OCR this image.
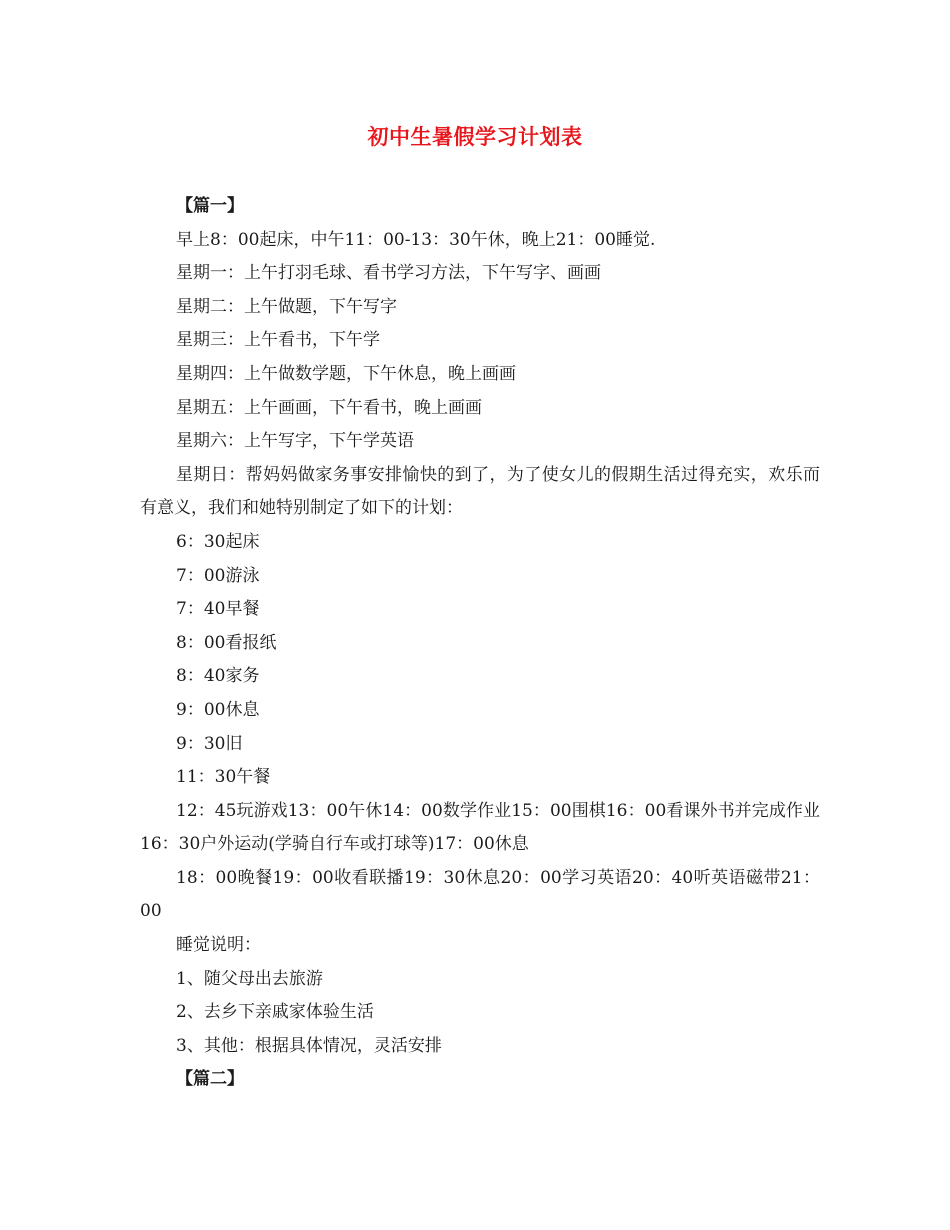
初中生暑假学习计划表
【篇一】
早上8：00起床，中午11：00-13：30午休，晚上21：00睡觉.
星期一：上午打羽毛球、看书学习方法，下午写字、画画
星期二：上午做题，下午写字
星期三：上午看书，下午学
星期四：上午做数学题，下午休息，晚上画画
星期五：上午画画，下午看书，晚上画画
星期六：上午写字，下午学英语
星期日：帮妈妈做家务事安排愉快的到了，为了使女儿的假期生活过得充实，欢乐而有意义，我们和她特别制定了如下的计划：
6：30起床
7：00游泳
7：40早餐
8：00看报纸
8：40家务
9：00休息
9：30旧
11：30午餐
12：45玩游戏13：00午休14：00数学作业15：00围棋16：00看课外书并完成作业16：30户外运动(学骑自行车或打球等)17：00休息
18：00晚餐19：00收看联播19：30休息20：00学习英语20：40听英语磁带21：00
睡觉说明：
1、随父母出去旅游
2、去乡下亲戚家体验生活
3、其他：根据具体情况，灵活安排
【篇二】
